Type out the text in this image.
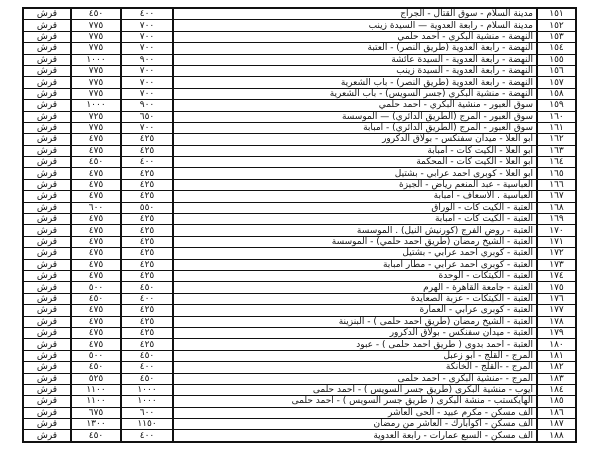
قرش	٤٥٠	٤٠٠	مدينة السلام - سوق القتال - الجراج	١٥١
قرش	٧٧٥	٧٠٠	مدينة السلام - رابعة العدوية — السيدة زينب	١٥٢
قرش	٧٧٥	٧٠٠	النهضة - منشية البكري - أحمد حلمي	١٥٣
قرش	٧٧٥	٧٠٠	النهضة - رابعة العدوية (طريق النصر) - العتبة	١٥٤
قرش	١٠٠٠	٩٠٠	النهضة - رابعة العدوية - السيدة عائشة	١٥٥
قرش	٧٧٥	٧٠٠	النهضة - رابعة العدوية - السيدة زينب	١٥٦
قرش	٧٧٥	٧٠٠	النهضة - رابعة العدوية (طريق النصر) - باب الشعرية	١٥٧
قرش	٧٧٥	٧٠٠	النهضة - منشية البكري (جسر السويس) - باب الشعرية	١٥٨
قرش	١٠٠٠	٩٠٠	سوق العبور - منشية البكري - احمد حلمي	١٥٩
قرش	٧٢٥	٦٥٠	سوق العبور - المرج (الطريق الدائري) — الموسسة	١٦٠
قرش	٧٧٥	٧٠٠	سوق العبور - المرج (الطريق الدائري) - امبابة	١٦١
قرش	٤٧٥	٤٢٥	ابو العلا - ميدان سفنكس - بولاق الدكرور	١٦٢
قرش	٤٧٥	٤٢٥	ابو العلا - الكيت كات - امبابة	١٦٣
قرش	٤٥٠	٤٠٠	ابو العلا - الكيت كات - المحكمة	١٦٤
قرش	٤٧٥	٤٢٥	ابو العلا - كوبرى احمد عرابي - بشتيل	١٦٥
قرش	٤٧٥	٤٢٥	العباسية - عبد المنعم رياض - الجيزة	١٦٦
قرش	٤٧٥	٤٢٥	العباسية . الاسعاف - امبابة	١٦٧
قرش	٦٠٠	٥٥٠	العتبة - الكيت كات - الوراق	١٦٨
قرش	٤٧٥	٤٢٥	العتبة - الكيت كات - امبابة	١٦٩
قرش	٤٧٥	٤٢٥	العتبة - روض الفرج (كورنيش النيل) . الموسسة	١٧٠
قرش	٤٧٥	٤٢٥	العتبة - الشيخ رمضان (طريق احمد حلمي) - الموسسة	١٧١
قرش	٤٧٥	٤٢٥	العتبة - كوبري احمد عرابي - بشتيل	١٧٢
قرش	٤٧٥	٤٢٥	العتبة - كوبرى احمد عرابي - مطار امبابة	١٧٣
قرش	٤٧٥	٤٢٥	العتبة - الكيتكات - الوحدة	١٧٤
قرش	٥٠٠	٤٥٠	العتبة - جامعة القاهرة - الهرم	١٧٥
قرش	٤٥٠	٤٠٠	العتبة - الكيتكات - عزبة الصعايدة	١٧٦
قرش	٤٧٥	٤٢٥	العتبة - كوبرى عرابي - العمارة	١٧٧
قرش	٤٧٥	٤٢٥	العتبة - الشيخ رمضان (طريق احمد حلمى ) - البنزينة	١٧٨
قرش	٤٧٥	٤٢٥	العتبة - ميدان سفنكس - بولاق الدكرور	١٧٩
قرش	٤٧٥	٤٢٥	العتبة - احمد بدوى ( طريق احمد حلمى ) - عبود	١٨٠
قرش	٥٠٠	٤٥٠	المرج - القلج - ابو زعبل	١٨١
قرش	٤٥٠	٤٠٠	المرج - -القلج - الخانكة	١٨٢
قرش	٥٢٥	٤٥٠	المرج - -منشية البكرى - احمد حلمى	١٨٣
قرش	١١٠٠	١٠٠٠	ايوب - منشية البكرى (طريق جسر السويس ) - احمد حلمى	١٨٤
قرش	١١٠٠	١٠٠٠	الهايكستب - منشة البكرى ( طريق جسر السويس ) - احمد حلمى	١٨٥
قرش	٦٧٥	٦٠٠	الف مسكن - مكرم عبيد - الحى العاشر	١٨٦
قرش	١٣٠٠	١١٥٠	الف مسكن - اكوابارك - العاشر من رمضان	١٨٧
قرش	٤٥٠	٤٠٠	الف مسكن - السبع عمارات - رابعة العدوية	١٨٨
